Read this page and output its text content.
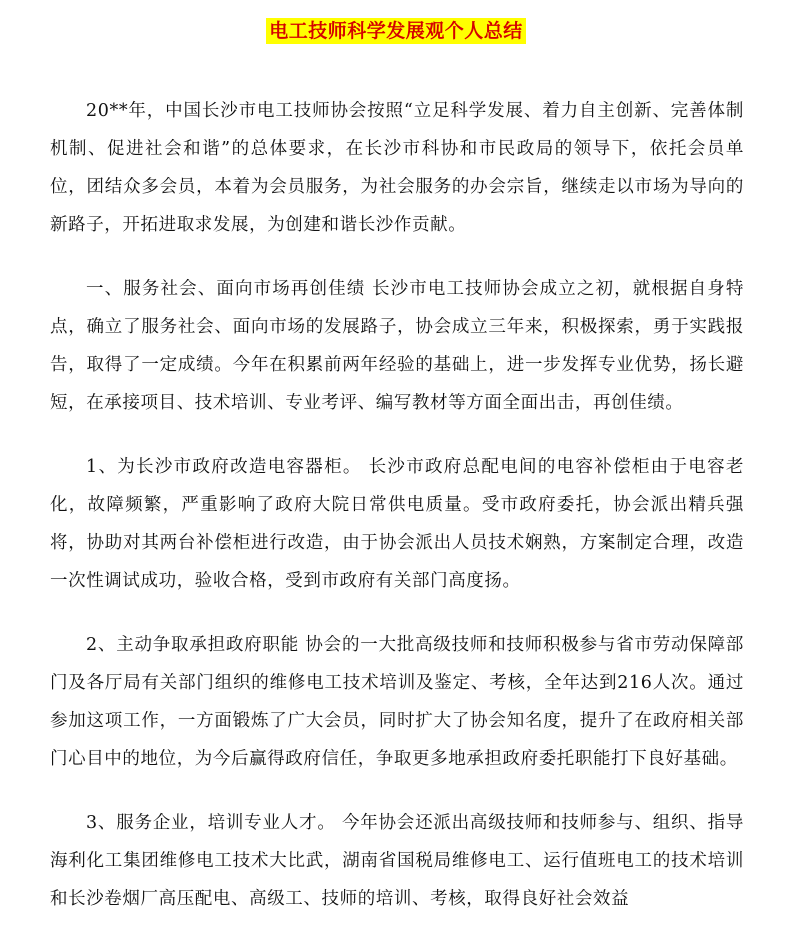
电工技师科学发展观个人总结

20**年，中国长沙市电工技师协会按照“立足科学发展、着力自主创新、完善体制机制、促进社会和谐”的总体要求，在长沙市科协和市民政局的领导下，依托会员单位，团结众多会员，本着为会员服务，为社会服务的办会宗旨，继续走以市场为导向的新路子，开拓进取求发展，为创建和谐长沙作贡献。

一、服务社会、面向市场再创佳绩 长沙市电工技师协会成立之初，就根据自身特点，确立了服务社会、面向市场的发展路子，协会成立三年来，积极探索，勇于实践报告，取得了一定成绩。今年在积累前两年经验的基础上，进一步发挥专业优势，扬长避短，在承接项目、技术培训、专业考评、编写教材等方面全面出击，再创佳绩。

1、为长沙市政府改造电容器柜。 长沙市政府总配电间的电容补偿柜由于电容老化，故障频繁，严重影响了政府大院日常供电质量。受市政府委托，协会派出精兵强将，协助对其两台补偿柜进行改造，由于协会派出人员技术娴熟，方案制定合理，改造一次性调试成功，验收合格，受到市政府有关部门高度扬。

2、主动争取承担政府职能 协会的一大批高级技师和技师积极参与省市劳动保障部门及各厅局有关部门组织的维修电工技术培训及鉴定、考核，全年达到216人次。通过参加这项工作，一方面锻炼了广大会员，同时扩大了协会知名度，提升了在政府相关部门心目中的地位，为今后赢得政府信任，争取更多地承担政府委托职能打下良好基础。

3、服务企业，培训专业人才。 今年协会还派出高级技师和技师参与、组织、指导海利化工集团维修电工技术大比武，湖南省国税局维修电工、运行值班电工的技术培训和长沙卷烟厂高压配电、高级工、技师的培训、考核，取得良好社会效益
